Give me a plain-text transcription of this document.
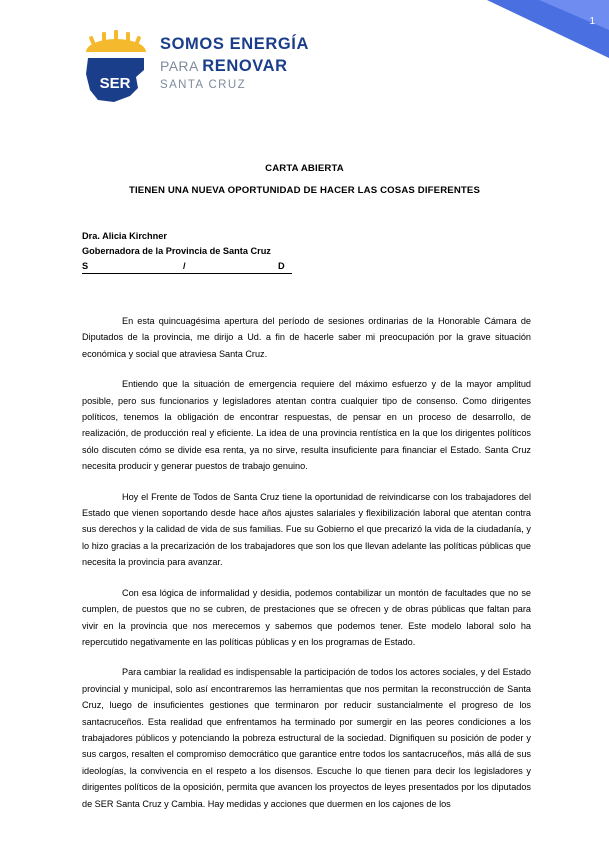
1
SER
SOMOS ENERGÍA
PARA RENOVAR
SANTA CRUZ
CARTA ABIERTA
TIENEN UNA NUEVA OPORTUNIDAD DE HACER LAS COSAS DIFERENTES
Dra. Alicia Kirchner
Gobernadora de la Provincia de Santa Cruz
S	/	D

En esta quincuagésima apertura del período de sesiones ordinarias de la Honorable Cámara de Diputados de la provincia, me dirijo a Ud. a fin de hacerle saber mi preocupación por la grave situación económica y social que atraviesa Santa Cruz.

Entiendo que la situación de emergencia requiere del máximo esfuerzo y de la mayor amplitud posible, pero sus funcionarios y legisladores atentan contra cualquier tipo de consenso. Como dirigentes políticos, tenemos la obligación de encontrar respuestas, de pensar en un proceso de desarrollo, de realización, de producción real y eficiente. La idea de una provincia rentística en la que los dirigentes políticos sólo discuten cómo se divide esa renta, ya no sirve, resulta insuficiente para financiar el Estado. Santa Cruz necesita producir y generar puestos de trabajo genuino.

Hoy el Frente de Todos de Santa Cruz tiene la oportunidad de reivindicarse con los trabajadores del Estado que vienen soportando desde hace años ajustes salariales y flexibilización laboral que atentan contra sus derechos y la calidad de vida de sus familias. Fue su Gobierno el que precarizó la vida de la ciudadanía, y lo hizo gracias a la precarización de los trabajadores que son los que llevan adelante las políticas públicas que necesita la provincia para avanzar.

Con esa lógica de informalidad y desidia, podemos contabilizar un montón de facultades que no se cumplen, de puestos que no se cubren, de prestaciones que se ofrecen y de obras públicas que faltan para vivir en la provincia que nos merecemos y sabemos que podemos tener. Este modelo laboral solo ha repercutido negativamente en las políticas públicas y en los programas de Estado.

Para cambiar la realidad es indispensable la participación de todos los actores sociales, y del Estado provincial y municipal, solo así encontraremos las herramientas que nos permitan la reconstrucción de Santa Cruz, luego de insuficientes gestiones que terminaron por reducir sustancialmente el progreso de los santacruceños. Esta realidad que enfrentamos ha terminado por sumergir en las peores condiciones a los trabajadores públicos y potenciando la pobreza estructural de la sociedad. Dignifiquen su posición de poder y sus cargos, resalten el compromiso democrático que garantice entre todos los santacruceños, más allá de sus ideologías, la convivencia en el respeto a los disensos. Escuche lo que tienen para decir los legisladores y dirigentes políticos de la oposición, permita que avancen los proyectos de leyes presentados por los diputados de SER Santa Cruz y Cambia. Hay medidas y acciones que duermen en los cajones de los
